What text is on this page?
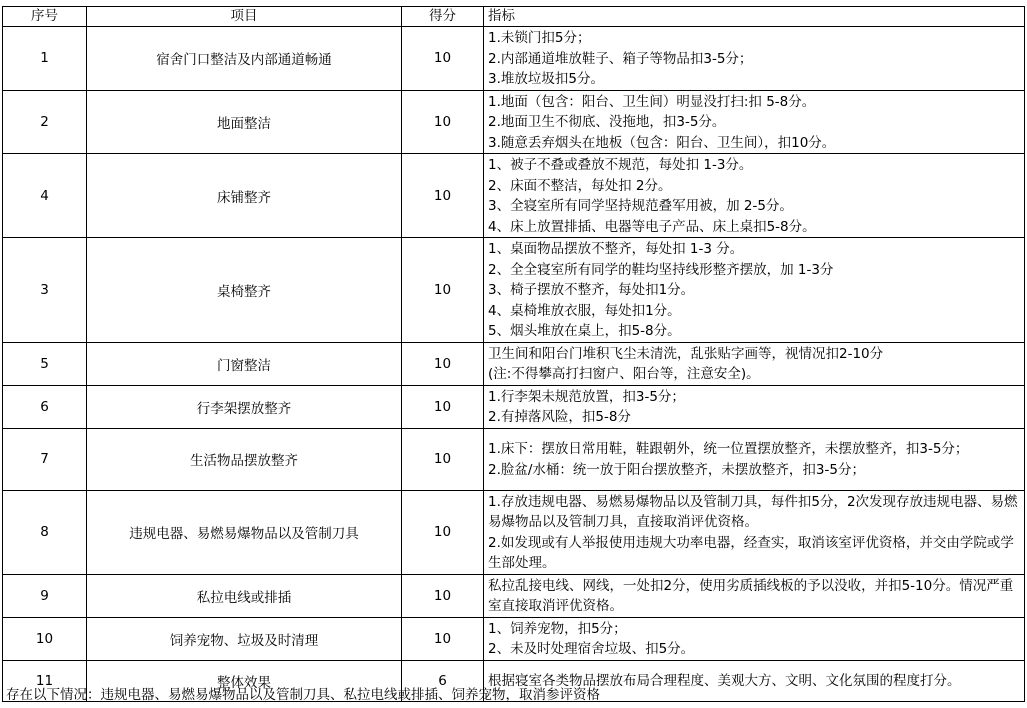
序号	项目	得分	指标
1	宿舍门口整洁及内部通道畅通	10	1.未锁门扣5分；
2.内部通道堆放鞋子、箱子等物品扣3-5分；
3.堆放垃圾扣5分。

2	地面整洁	10	1.地面（包含：阳台、卫生间）明显没打扫:扣 5-8分。
2.地面卫生不彻底、没拖地，扣3-5分。
3.随意丢弃烟头在地板（包含：阳台、卫生间），扣10分。

4	床铺整齐	10	1、被子不叠或叠放不规范，每处扣 1-3分。
2、床面不整洁，每处扣 2分。
3、全寝室所有同学坚持规范叠军用被，加 2-5分。
4、床上放置排插、电器等电子产品、床上桌扣5-8分。

3	桌椅整齐	10	1、桌面物品摆放不整齐，每处扣 1-3 分。
2、全全寝室所有同学的鞋均坚持线形整齐摆放，加 1-3分
3、椅子摆放不整齐，每处扣1分。
4、桌椅堆放衣服，每处扣1分。
5、烟头堆放在桌上，扣5-8分。

5	门窗整洁	10	卫生间和阳台门堆积飞尘未清洗，乱张贴字画等，视情况扣2-10分
(注:不得攀高打扫窗户、阳台等，注意安全)。

6	行李架摆放整齐	10	1.行李架未规范放置，扣3-5分；
2.有掉落风险，扣5-8分

7	生活物品摆放整齐	10	1.床下：摆放日常用鞋，鞋跟朝外，统一位置摆放整齐，未摆放整齐，扣3-5分；
2.脸盆/水桶：统一放于阳台摆放整齐，未摆放整齐，扣3-5分；

8	违规电器、易燃易爆物品以及管制刀具	10	1.存放违规电器、易燃易爆物品以及管制刀具，每件扣5分，2次发现存放违规电器、易燃易爆物品以及管制刀具，直接取消评优资格。
2.如发现或有人举报使用违规大功率电器，经查实，取消该室评优资格，并交由学院或学生部处理。

9	私拉电线或排插	10	私拉乱接电线、网线，一处扣2分，使用劣质插线板的予以没收，并扣5-10分。情况严重室直接取消评优资格。

10	饲养宠物、垃圾及时清理	10	1、饲养宠物，扣5分；
2、未及时处理宿舍垃圾、扣5分。

11	整体效果	6	根据寝室各类物品摆放布局合理程度、美观大方、文明、文化氛围的程度打分。
存在以下情况：违规电器、易燃易爆物品以及管制刀具、私拉电线或排插、饲养宠物，取消参评资格
